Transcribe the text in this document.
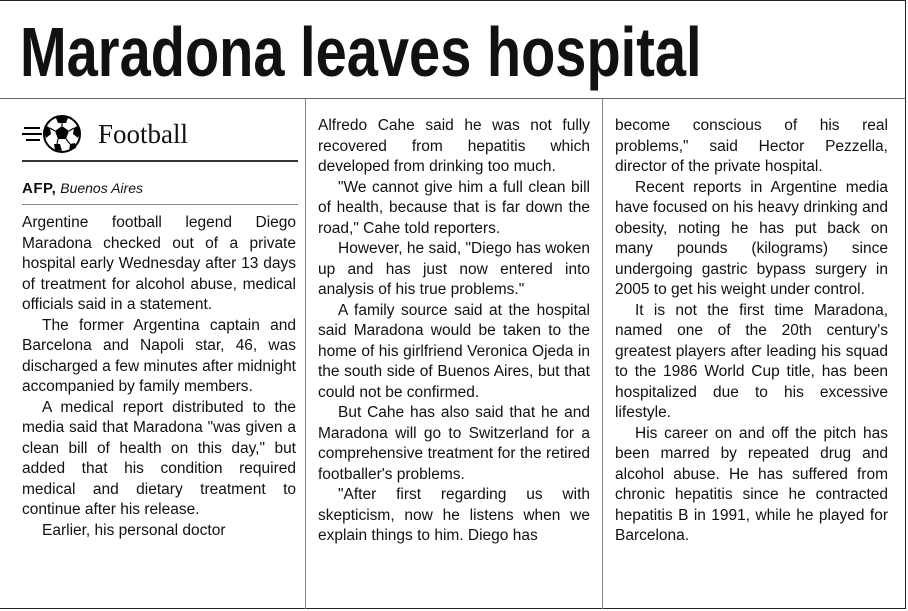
Maradona leaves hospital
Football
AFP, Buenos Aires

Argentine football legend Diego Maradona checked out of a private hospital early Wednesday after 13 days of treatment for alcohol abuse, medical officials said in a statement.

The former Argentina captain and Barcelona and Napoli star, 46, was discharged a few minutes after midnight accompanied by family members.

A medical report distributed to the media said that Maradona "was given a clean bill of health on this day," but added that his condition required medical and dietary treatment to continue after his release.

Earlier, his personal doctor

Alfredo Cahe said he was not fully recovered from hepatitis which developed from drinking too much.

"We cannot give him a full clean bill of health, because that is far down the road," Cahe told reporters.

However, he said, "Diego has woken up and has just now entered into analysis of his true problems."

A family source said at the hospital said Maradona would be taken to the home of his girlfriend Veronica Ojeda in the south side of Buenos Aires, but that could not be confirmed.

But Cahe has also said that he and Maradona will go to Switzerland for a comprehensive treatment for the retired footballer's problems.

"After first regarding us with skepticism, now he listens when we explain things to him. Diego has

become conscious of his real problems," said Hector Pezzella, director of the private hospital.

Recent reports in Argentine media have focused on his heavy drinking and obesity, noting he has put back on many pounds (kilograms) since undergoing gastric bypass surgery in 2005 to get his weight under control.

It is not the first time Maradona, named one of the 20th century's greatest players after leading his squad to the 1986 World Cup title, has been hospitalized due to his excessive lifestyle.

His career on and off the pitch has been marred by repeated drug and alcohol abuse. He has suffered from chronic hepatitis since he contracted hepatitis B in 1991, while he played for Barcelona.
